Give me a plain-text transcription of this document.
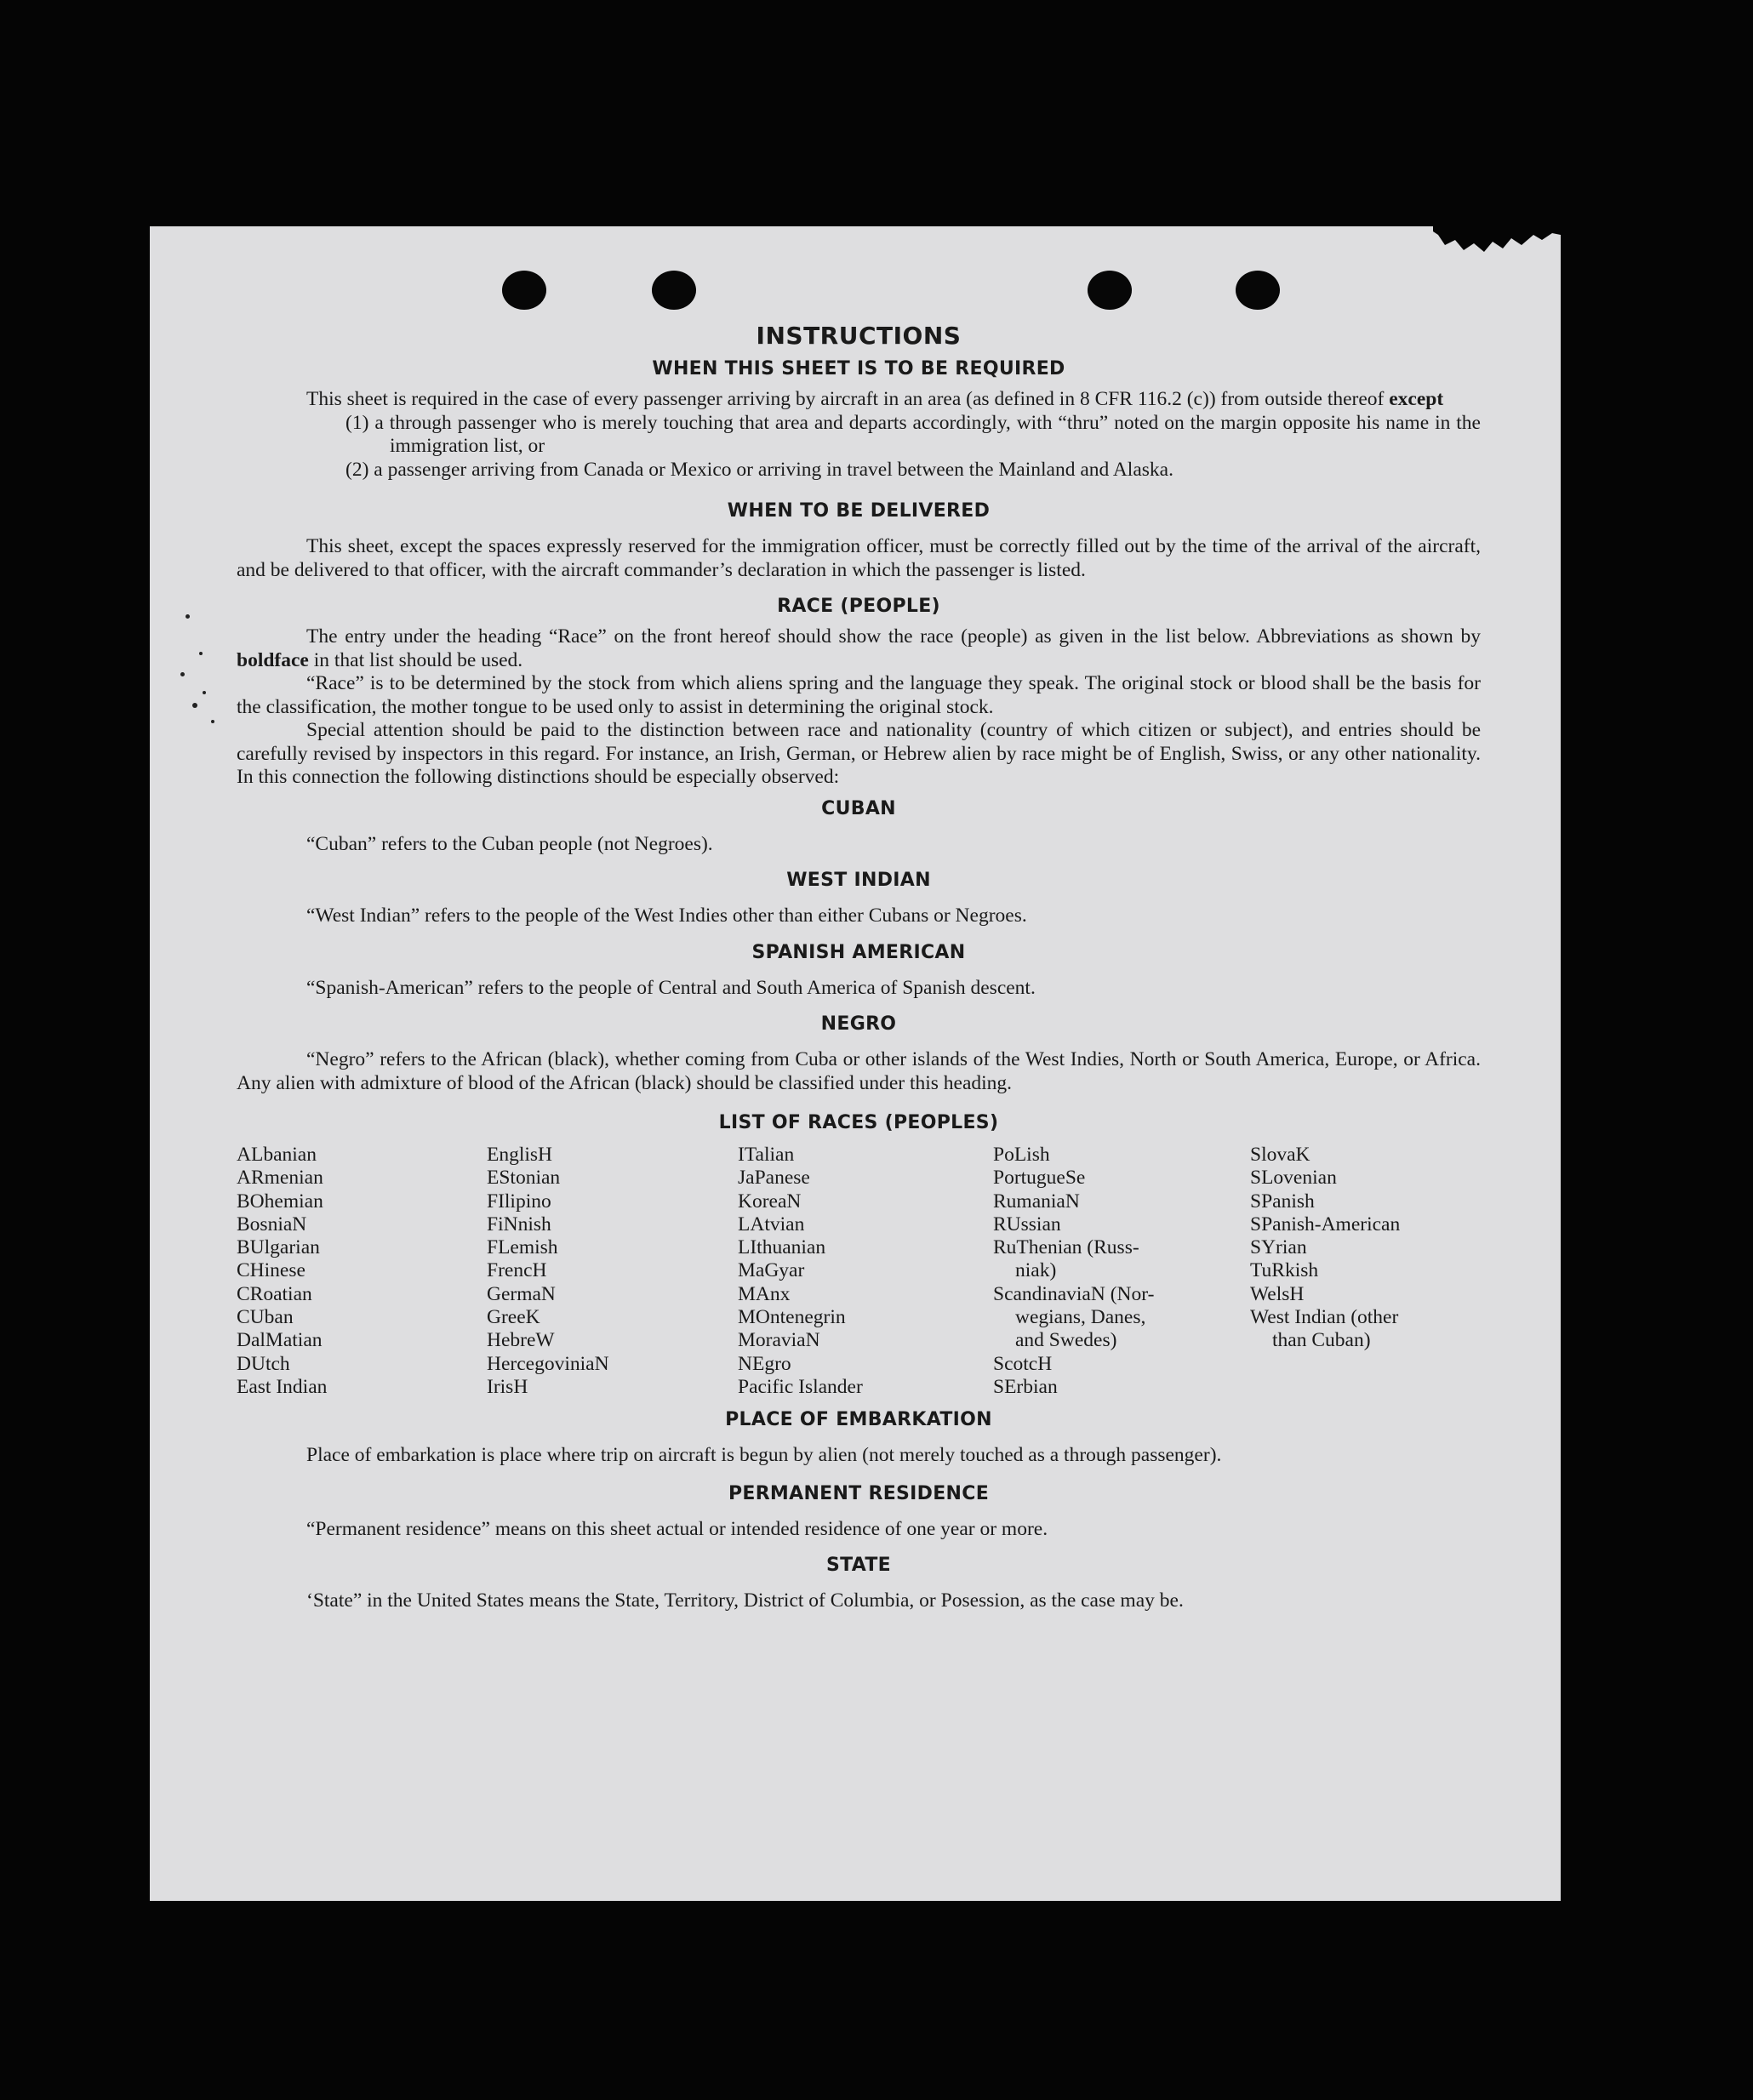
INSTRUCTIONS
WHEN THIS SHEET IS TO BE REQUIRED

This sheet is required in the case of every passenger arriving by aircraft in an area (as defined in 8 CFR 116.2 (c)) from outside thereof except

(1) a through passenger who is merely touching that area and departs accordingly, with “thru” noted on the margin opposite his name in the immigration list, or

(2) a passenger arriving from Canada or Mexico or arriving in travel between the Mainland and Alaska.

WHEN TO BE DELIVERED

This sheet, except the spaces expressly reserved for the immigration officer, must be correctly filled out by the time of the arrival of the aircraft, and be delivered to that officer, with the aircraft commander’s declaration in which the passenger is listed.

RACE (PEOPLE)

The entry under the heading “Race” on the front hereof should show the race (people) as given in the list below. Abbreviations as shown by boldface in that list should be used.

“Race” is to be determined by the stock from which aliens spring and the language they speak. The original stock or blood shall be the basis for the classification, the mother tongue to be used only to assist in determining the original stock.

Special attention should be paid to the distinction between race and nationality (country of which citizen or subject), and entries should be carefully revised by inspectors in this regard. For instance, an Irish, German, or Hebrew alien by race might be of English, Swiss, or any other nationality. In this connection the following distinctions should be especially observed:

CUBAN

“Cuban” refers to the Cuban people (not Negroes).

WEST INDIAN

“West Indian” refers to the people of the West Indies other than either Cubans or Negroes.

SPANISH AMERICAN

“Spanish-American” refers to the people of Central and South America of Spanish descent.

NEGRO

“Negro” refers to the African (black), whether coming from Cuba or other islands of the West Indies, North or South America, Europe, or Africa. Any alien with admixture of blood of the African (black) should be classified under this heading.

LIST OF RACES (PEOPLES)
ALbanian
ARmenian
BOhemian
BosniaN
BUlgarian
CHinese
CRoatian
CUban
DalMatian
DUtch
East Indian
EnglisH
EStonian
FIlipino
FiNnish
FLemish
FrencH
GermaN
GreeK
HebreW
HercegoviniaN
IrisH
ITalian
JaPanese
KoreaN
LAtvian
LIthuanian
MaGyar
MAnx
MOntenegrin
MoraviaN
NEgro
Pacific Islander
PoLish
PortugueSe
RumaniaN
RUssian
RuThenian (Russ-
niak)
ScandinaviaN (Nor-
wegians, Danes,
and Swedes)
ScotcH
SErbian
SlovaK
SLovenian
SPanish
SPanish-American
SYrian
TuRkish
WelsH
West Indian (other
than Cuban)
PLACE OF EMBARKATION

Place of embarkation is place where trip on aircraft is begun by alien (not merely touched as a through passenger).

PERMANENT RESIDENCE

“Permanent residence” means on this sheet actual or intended residence of one year or more.

STATE

‘State” in the United States means the State, Territory, District of Columbia, or Posession, as the case may be.
